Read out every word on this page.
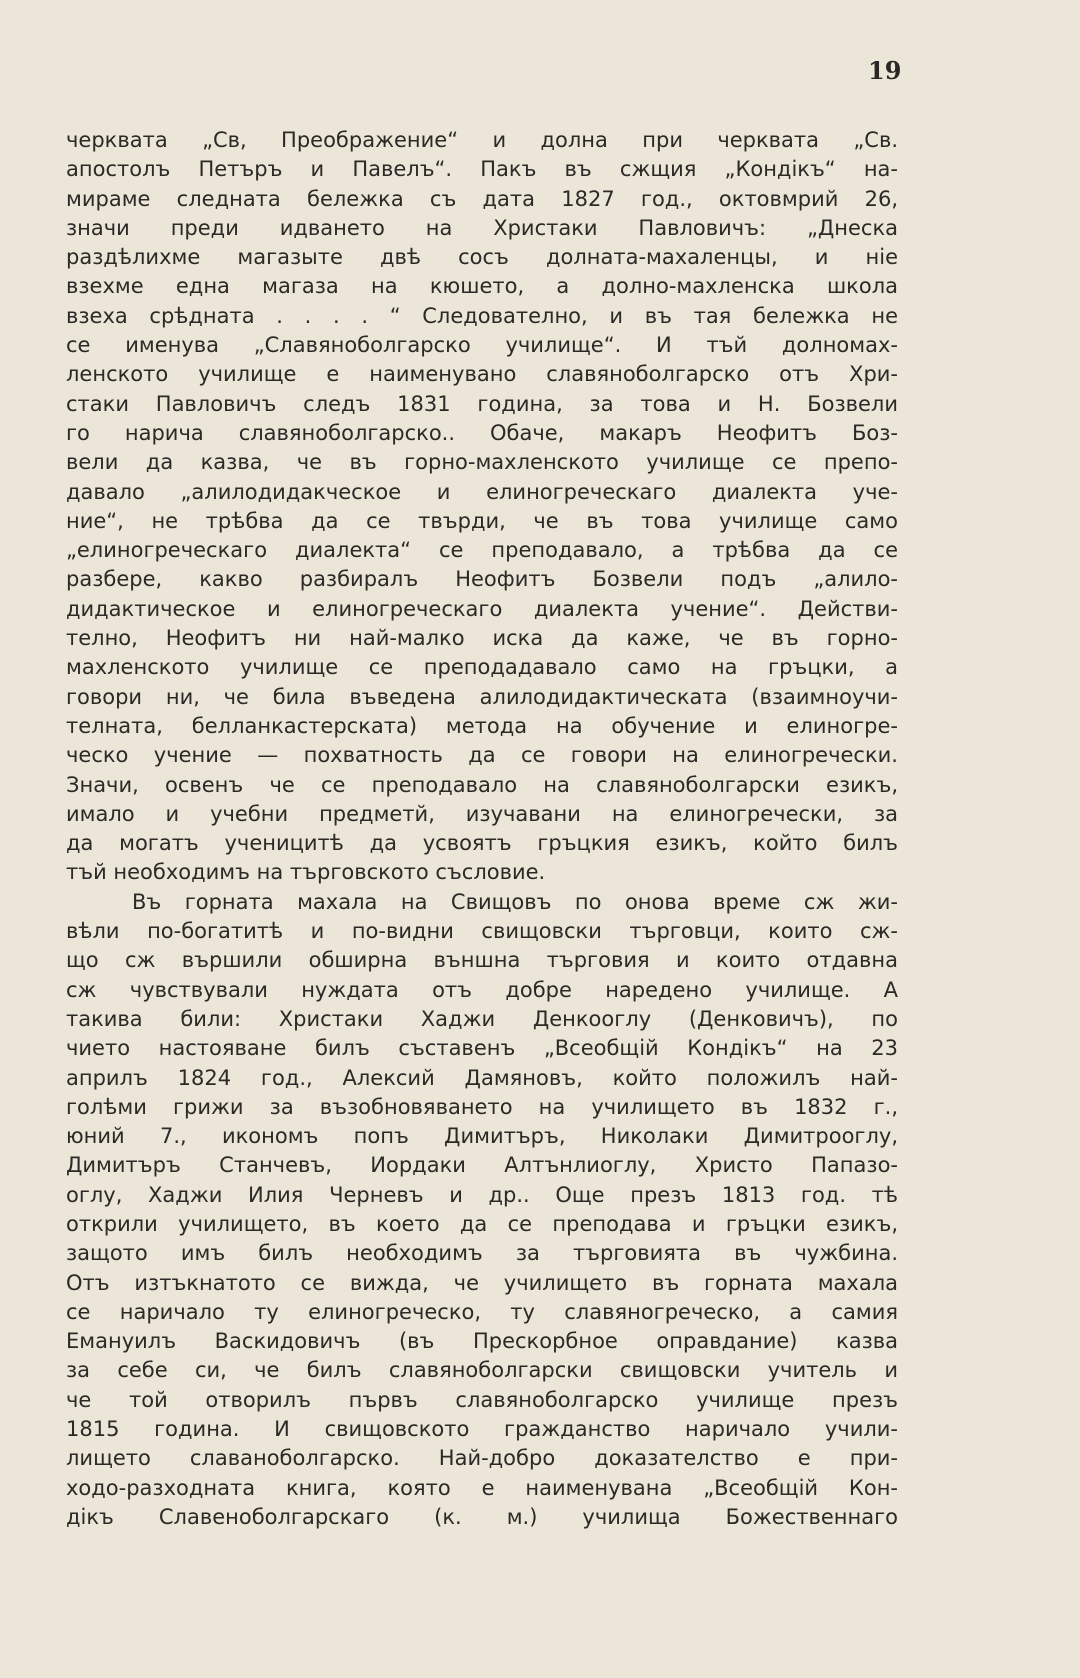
19
черквата „Св, Преображение“ и долна при черквата „Св.
апостолъ Петъръ и Павелъ“. Пакъ въ сжщия „Кондікъ“ на-
мираме следната бележка съ дата 1827 год., октовмрий 26,
значи преди идването на Христаки Павловичъ: „Днеска
раздѣлихме магазыте двѣ сосъ долната-махаленцы, и ніе
взехме една магаза на кюшето, а долно-махленска школа
взеха срѣдната . . . . “ Следователно, и въ тая бележка не
се именува „Славяноболгарско училище“. И тъй долномах-
ленското училище е наименувано славяноболгарско отъ Хри-
стаки Павловичъ следъ 1831 година, за това и Н. Бозвели
го нарича славяноболгарско.. Обаче, макаръ Неофитъ Боз-
вели да казва, че въ горно-махленското училище се препо-
давало „алилодидакческое и елиногреческаго диалекта уче-
ние“, не трѣбва да се твърди, че въ това училище само
„елиногреческаго диалекта“ се преподавало, а трѣбва да се
разбере, какво разбиралъ Неофитъ Бозвели подъ „алило-
дидактическое и елиногреческаго диалекта учение“. Действи-
телно, Неофитъ ни най-малко иска да каже, че въ горно-
махленското училище се преподадавало само на гръцки, а
говори ни, че била въведена алилодидактическата (взаимноучи-
телната, белланкастерската) метода на обучение и елиногре-
ческо учение — похватность да се говори на елиногречески.
Значи, освенъ че се преподавало на славяноболгарски езикъ,
имало и учебни предметй, изучавани на елиногречески, за
да могатъ ученицитѣ да усвоятъ гръцкия езикъ, който билъ
тъй необходимъ на търговското съсловие.
Въ горната махала на Свищовъ по онова време сж жи-
вѣли по-богатитѣ и по-видни свищовски търговци, които сж-
що сж вършили обширна външна търговия и които отдавна
сж чувствували нуждата отъ добре наредено училище. А
такива били: Христаки Хаджи Денкооглу (Денковичъ), по
чието настояване билъ съставенъ „Всеобщій Кондікъ“ на 23
априлъ 1824 год., Алексий Дамяновъ, който положилъ най-
голѣми грижи за възобновяването на училището въ 1832 г.,
юний 7., икономъ попъ Димитъръ, Николаки Димитрооглу,
Димитъръ Станчевъ, Иордаки Алтънлиоглу, Христо Папазо-
оглу, Хаджи Илия Черневъ и др.. Още презъ 1813 год. тѣ
открили училището, въ което да се преподава и гръцки езикъ,
защото имъ билъ необходимъ за търговията въ чужбина.
Отъ изтъкнатото се вижда, че училището въ горната махала
се наричало ту елиногреческо, ту славяногреческо, а самия
Емануилъ Васкидовичъ (въ Прескорбное оправдание) казва
за себе си, че билъ славяноболгарски свищовски учитель и
че той отворилъ първъ славяноболгарско училище презъ
1815 година. И свищовското гражданство наричало учили-
лището славаноболгарско. Най-добро доказателство е при-
ходо-разходната книга, която е наименувана „Всеобщій Кон-
дікъ Славеноболгарскаго (к. м.) училища Божественнаго
